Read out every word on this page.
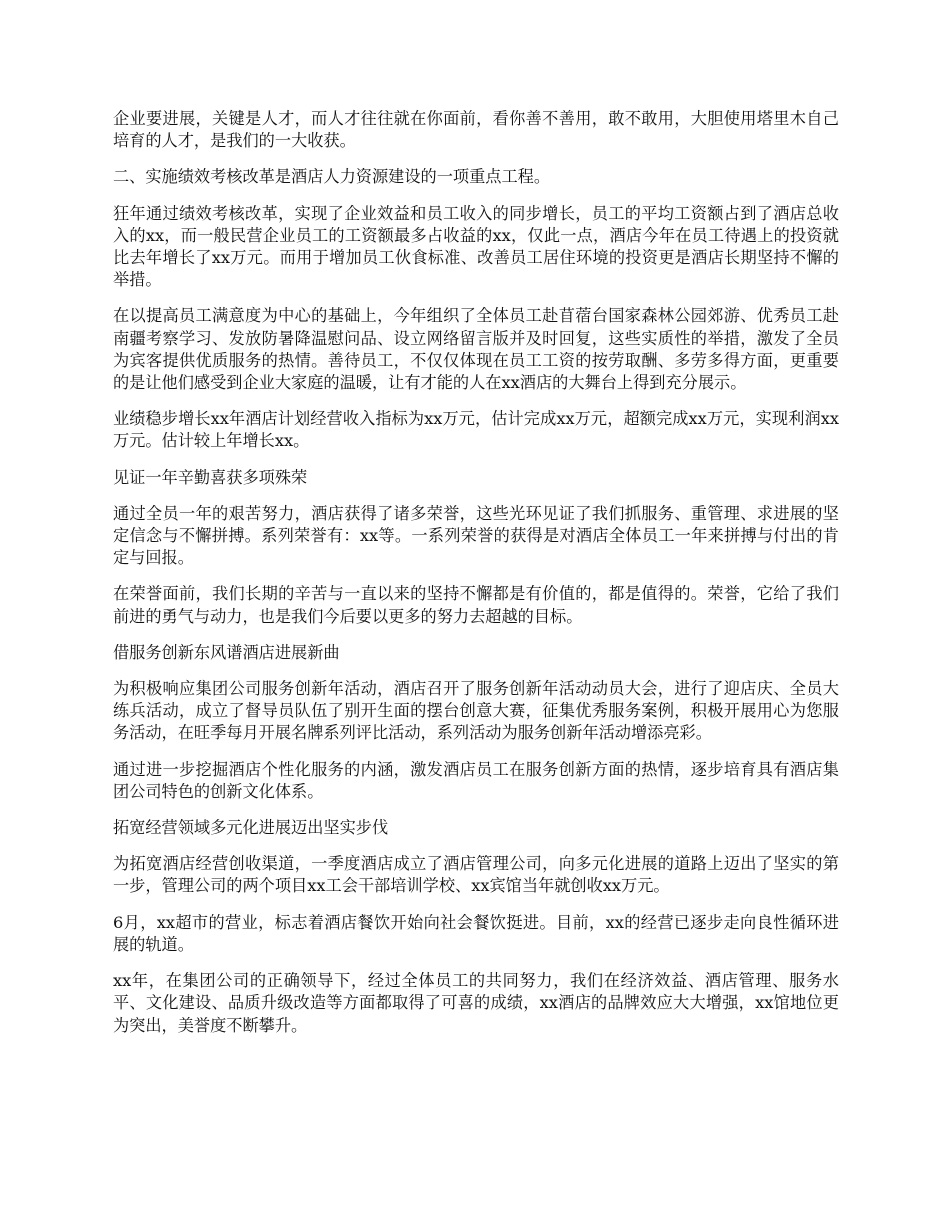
企业要进展，关键是人才，而人才往往就在你面前，看你善不善用，敢不敢用，大胆使用塔里木自己培育的人才，是我们的一大收获。

二、实施绩效考核改革是酒店人力资源建设的一项重点工程。

狂年通过绩效考核改革，实现了企业效益和员工收入的同步增长，员工的平均工资额占到了酒店总收入的xx，而一般民营企业员工的工资额最多占收益的xx，仅此一点，酒店今年在员工待遇上的投资就比去年增长了xx万元。而用于增加员工伙食标准、改善员工居住环境的投资更是酒店长期坚持不懈的举措。

在以提高员工满意度为中心的基础上，今年组织了全体员工赴苜蓿台国家森林公园郊游、优秀员工赴南疆考察学习、发放防暑降温慰问品、设立网络留言版并及时回复，这些实质性的举措，激发了全员为宾客提供优质服务的热情。善待员工，不仅仅体现在员工工资的按劳取酬、多劳多得方面，更重要的是让他们感受到企业大家庭的温暖，让有才能的人在xx酒店的大舞台上得到充分展示。

业绩稳步增长xx年酒店计划经营收入指标为xx万元，估计完成xx万元，超额完成xx万元，实现利润xx万元。估计较上年增长xx。

见证一年辛勤喜获多项殊荣

通过全员一年的艰苦努力，酒店获得了诸多荣誉，这些光环见证了我们抓服务、重管理、求进展的坚定信念与不懈拼搏。系列荣誉有：xx等。一系列荣誉的获得是对酒店全体员工一年来拼搏与付出的肯定与回报。

在荣誉面前，我们长期的辛苦与一直以来的坚持不懈都是有价值的，都是值得的。荣誉，它给了我们前进的勇气与动力，也是我们今后要以更多的努力去超越的目标。

借服务创新东风谱酒店进展新曲

为积极响应集团公司服务创新年活动，酒店召开了服务创新年活动动员大会，进行了迎店庆、全员大练兵活动，成立了督导员队伍了别开生面的摆台创意大赛，征集优秀服务案例，积极开展用心为您服务活动，在旺季每月开展名牌系列评比活动，系列活动为服务创新年活动增添亮彩。

通过进一步挖掘酒店个性化服务的内涵，激发酒店员工在服务创新方面的热情，逐步培育具有酒店集团公司特色的创新文化体系。

拓宽经营领域多元化进展迈出坚实步伐

为拓宽酒店经营创收渠道，一季度酒店成立了酒店管理公司，向多元化进展的道路上迈出了坚实的第一步，管理公司的两个项目xx工会干部培训学校、xx宾馆当年就创收xx万元。

6月，xx超市的营业，标志着酒店餐饮开始向社会餐饮挺进。目前，xx的经营已逐步走向良性循环进展的轨道。

xx年，在集团公司的正确领导下，经过全体员工的共同努力，我们在经济效益、酒店管理、服务水平、文化建设、品质升级改造等方面都取得了可喜的成绩，xx酒店的品牌效应大大增强，xx馆地位更为突出，美誉度不断攀升。
